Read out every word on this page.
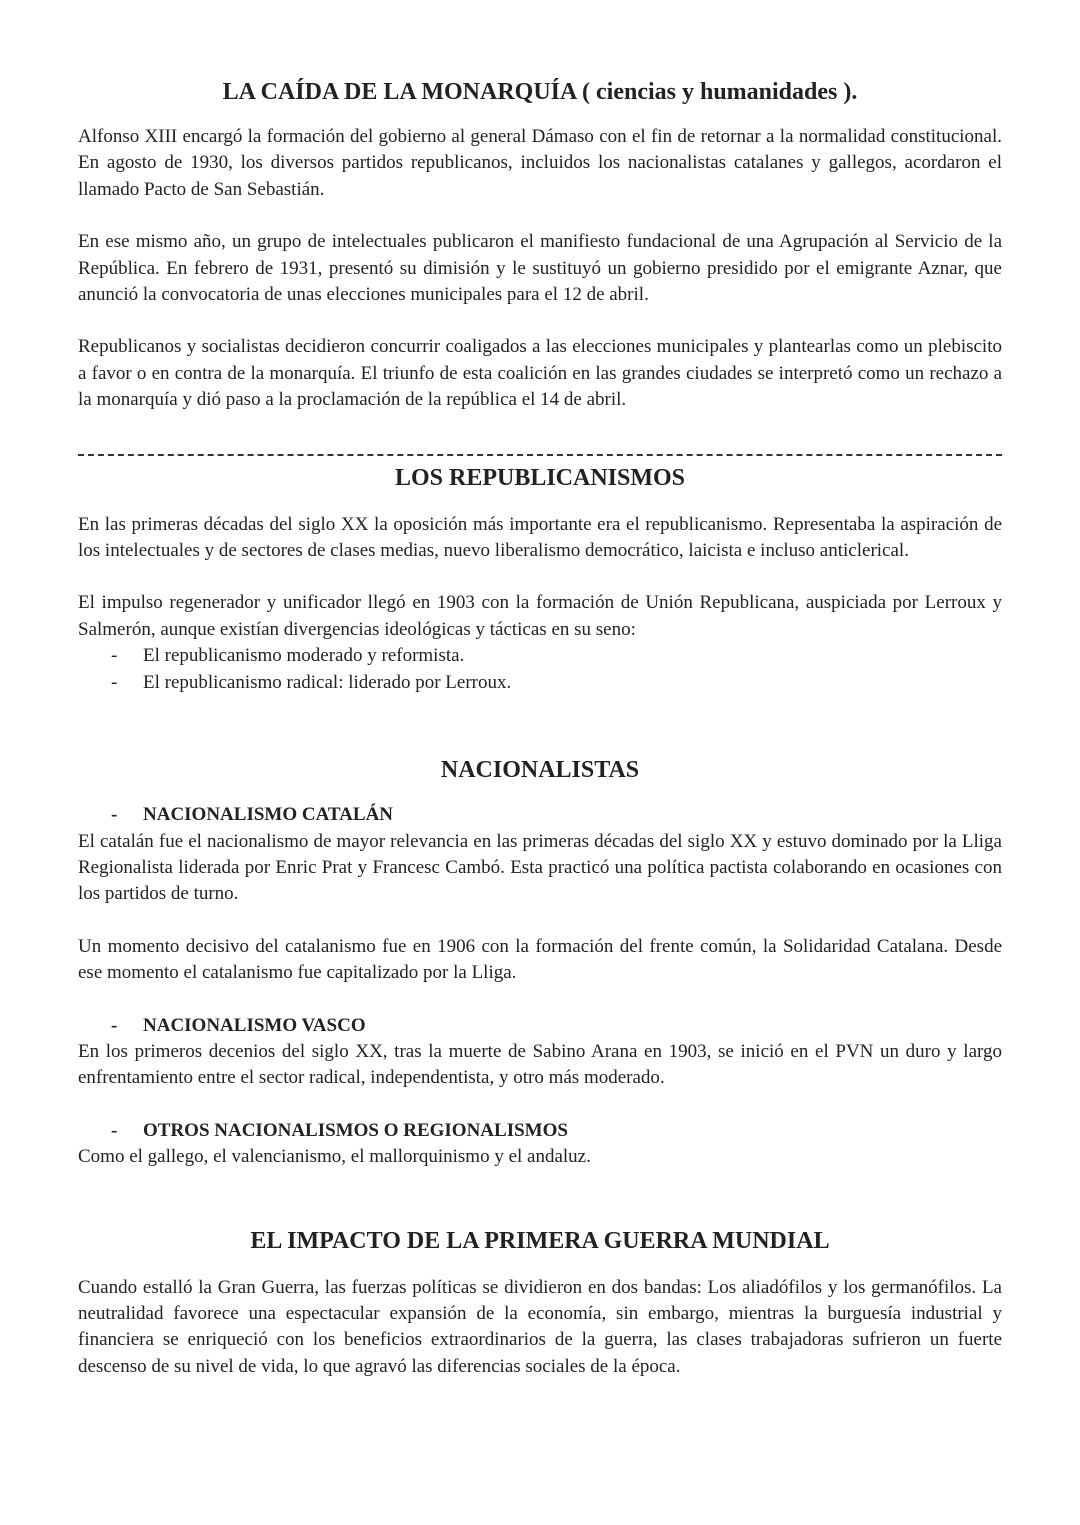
LA CAÍDA DE LA MONARQUÍA ( ciencias y humanidades ).

Alfonso XIII encargó la formación del gobierno al general Dámaso con el fin de retornar a la normalidad constitucional. En agosto de 1930, los diversos partidos republicanos, incluidos los nacionalistas catalanes y gallegos, acordaron el llamado Pacto de San Sebastián.

En ese mismo año, un grupo de intelectuales publicaron el manifiesto fundacional de una Agrupación al Servicio de la República. En febrero de 1931, presentó su dimisión y le sustituyó un gobierno presidido por el emigrante Aznar, que anunció la convocatoria de unas elecciones municipales para el 12 de abril.

Republicanos y socialistas decidieron concurrir coaligados a las elecciones municipales y plantearlas como un plebiscito a favor o en contra de la monarquía. El triunfo de esta coalición en las grandes ciudades se interpretó como un rechazo a la monarquía y dió paso a la proclamación de la república el 14 de abril.

LOS REPUBLICANISMOS

En las primeras décadas del siglo XX la oposición más importante era el republicanismo. Representaba la aspiración de los intelectuales y de sectores de clases medias, nuevo liberalismo democrático, laicista e incluso anticlerical.

El impulso regenerador y unificador llegó en 1903 con la formación de Unión Republicana, auspiciada por Lerroux y Salmerón, aunque existían divergencias ideológicas y tácticas en su seno:

- El republicanismo moderado y reformista.
- El republicanismo radical: liderado por Lerroux.
NACIONALISTAS
- NACIONALISMO CATALÁN

El catalán fue el nacionalismo de mayor relevancia en las primeras décadas del siglo XX y estuvo dominado por la Lliga Regionalista liderada por Enric Prat y Francesc Cambó. Esta practicó una política pactista colaborando en ocasiones con los partidos de turno.

Un momento decisivo del catalanismo fue en 1906 con la formación del frente común, la Solidaridad Catalana. Desde ese momento el catalanismo fue capitalizado por la Lliga.

- NACIONALISMO VASCO

En los primeros decenios del siglo XX, tras la muerte de Sabino Arana en 1903, se inició en el PVN un duro y largo enfrentamiento entre el sector radical, independentista, y otro más moderado.

- OTROS NACIONALISMOS O REGIONALISMOS

Como el gallego, el valencianismo, el mallorquinismo y el andaluz.

EL IMPACTO DE LA PRIMERA GUERRA MUNDIAL

Cuando estalló la Gran Guerra, las fuerzas políticas se dividieron en dos bandas: Los aliadófilos y los germanófilos. La neutralidad favorece una espectacular expansión de la economía, sin embargo, mientras la burguesía industrial y financiera se enriqueció con los beneficios extraordinarios de la guerra, las clases trabajadoras sufrieron un fuerte descenso de su nivel de vida, lo que agravó las diferencias sociales de la época.
